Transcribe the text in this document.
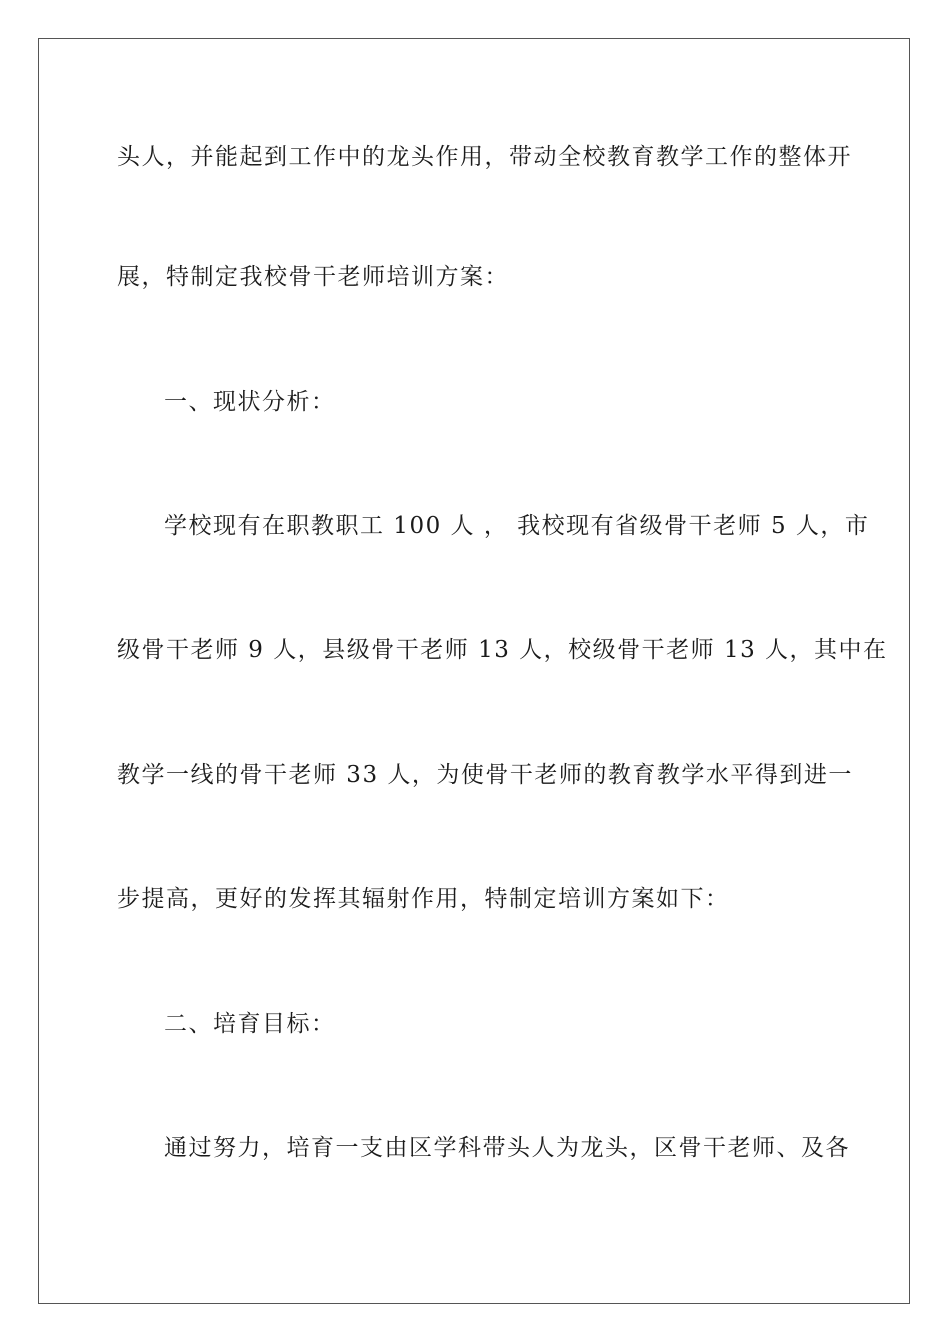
头人，并能起到工作中的龙头作用，带动全校教育教学工作的整体开
展，特制定我校骨干老师培训方案：
一、现状分析：
学校现有在职教职工 100 人 ， 我校现有省级骨干老师 5 人，市
级骨干老师 9 人，县级骨干老师 13 人，校级骨干老师 13 人，其中在
教学一线的骨干老师 33 人，为使骨干老师的教育教学水平得到进一
步提高，更好的发挥其辐射作用，特制定培训方案如下：
二、培育目标：
通过努力，培育一支由区学科带头人为龙头，区骨干老师、及各
